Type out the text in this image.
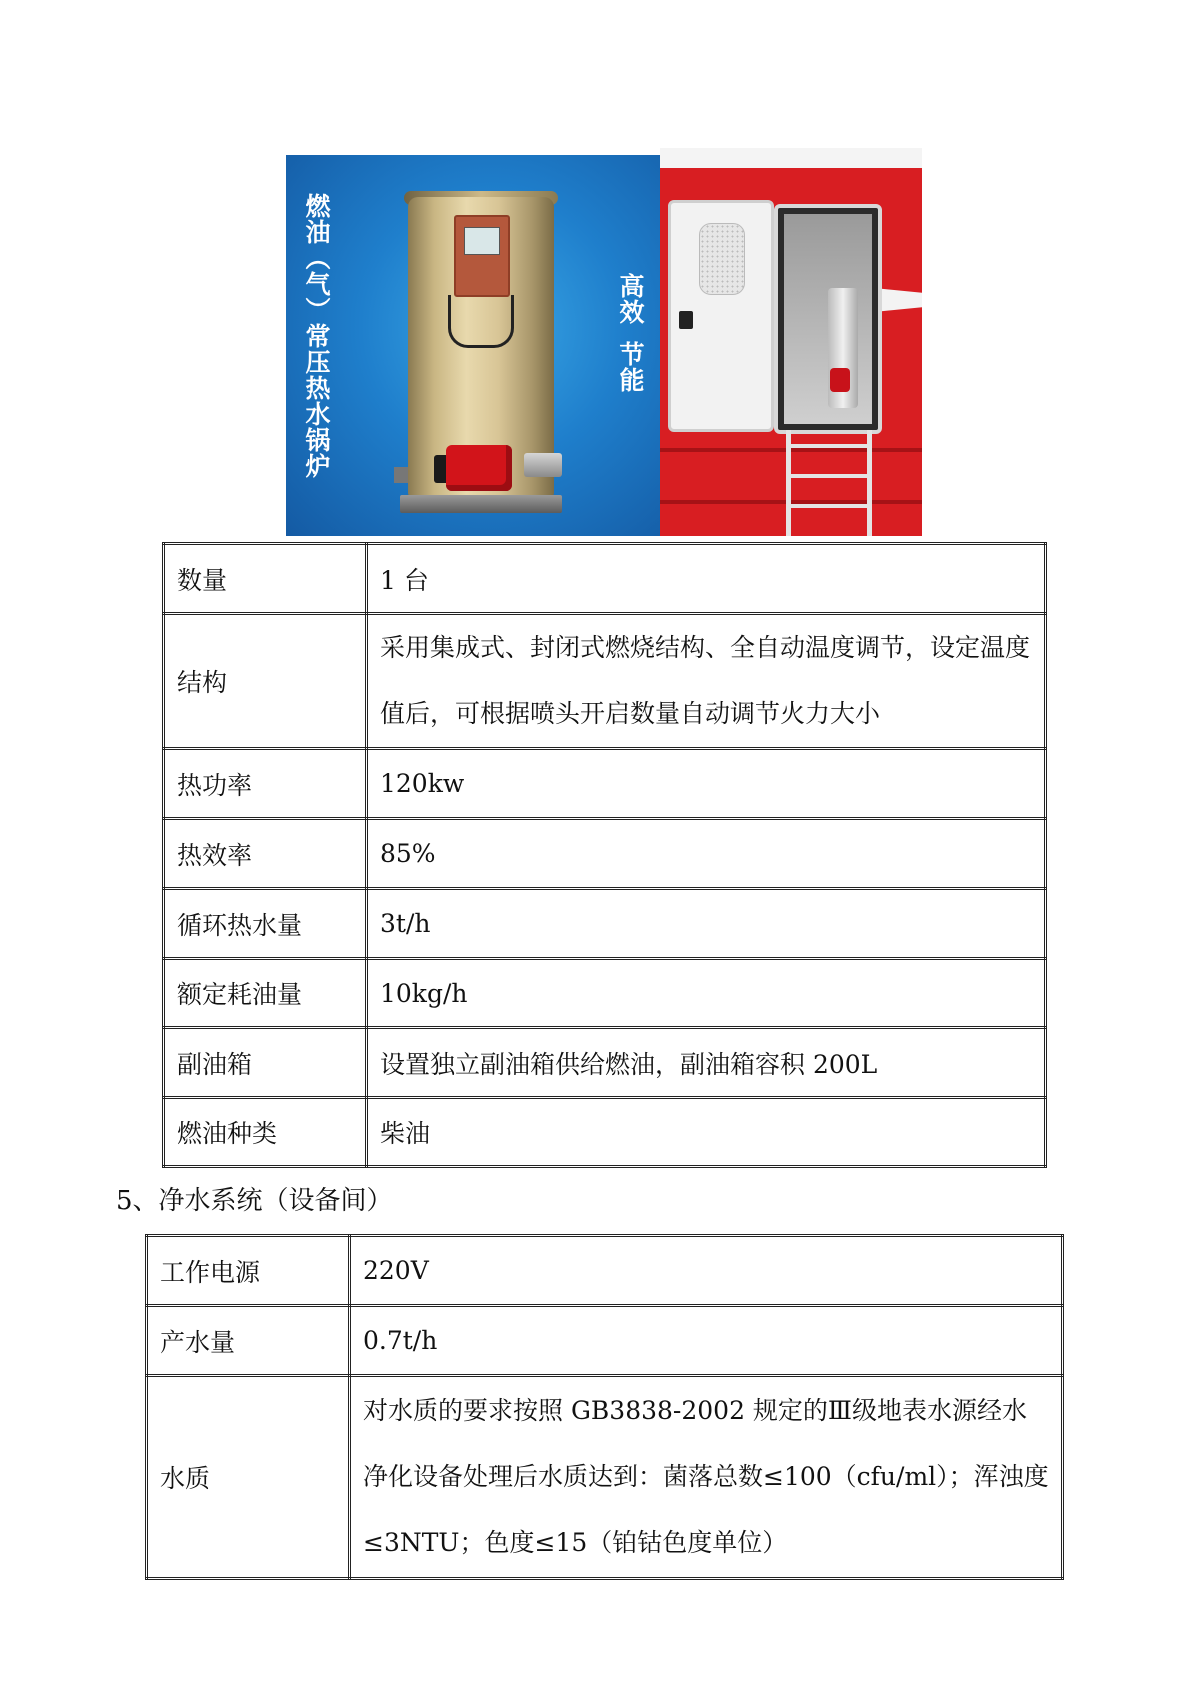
燃油（气）常压热水锅炉	高效节能
数量	1 台
结构	采用集成式、封闭式燃烧结构、全自动温度调节，设定温度值后，可根据喷头开启数量自动调节火力大小
热功率	120kw
热效率	85%
循环热水量	3t/h
额定耗油量	10kg/h
副油箱	设置独立副油箱供给燃油，副油箱容积 200L
燃油种类	柴油
5、净水系统（设备间）
工作电源	220V
产水量	0.7t/h
水质	对水质的要求按照 GB3838-2002 规定的Ⅲ级地表水源经水净化设备处理后水质达到：菌落总数≤100（cfu/ml）；浑浊度≤3NTU；色度≤15（铂钴色度单位）
